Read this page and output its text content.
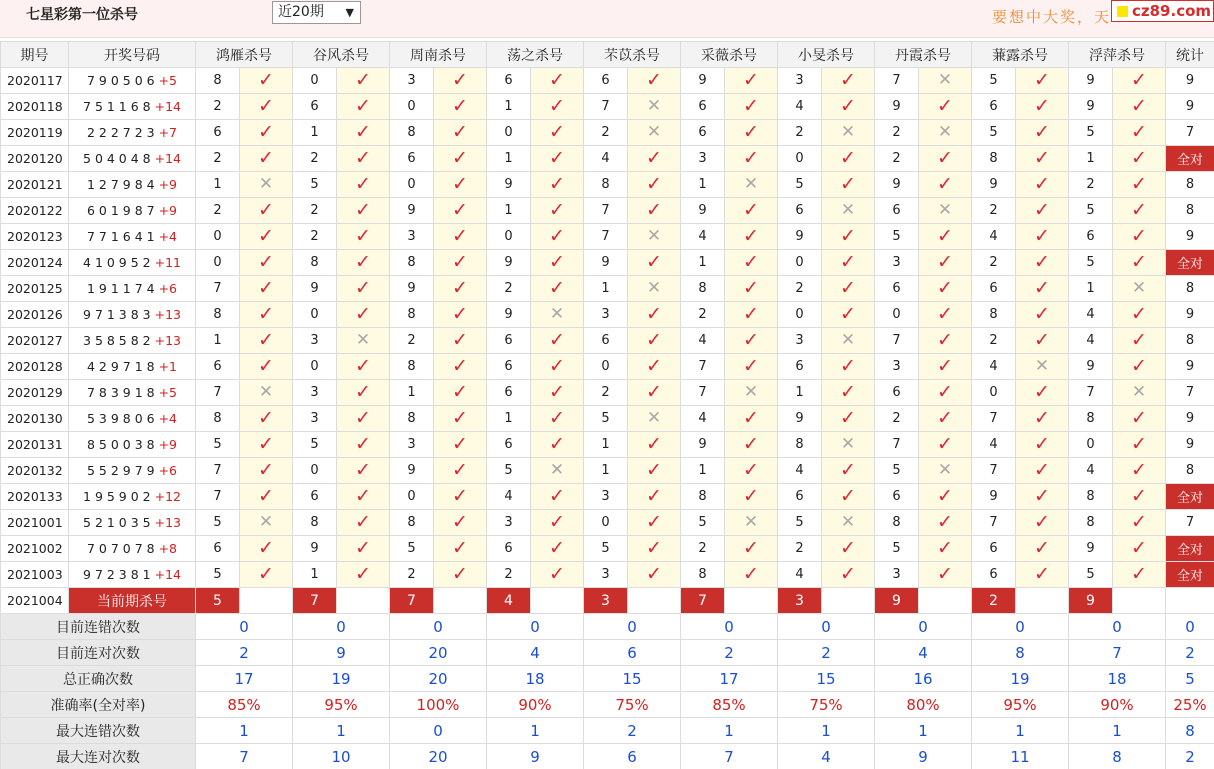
七星彩第一位杀号	近20期 ▼	要想中大奖，天	cz89.com
期号	开奖号码	鸿雁杀号		谷风杀号		周南杀号		荡之杀号		芣苡杀号		采薇杀号		小旻杀号		丹霞杀号		蒹露杀号		浮萍杀号		统计
2020117	7 9 0 5 0 6 +5	8	✓	0	✓	3	✓	6	✓	6	✓	9	✓	3	✓	7	✕	5	✓	9	✓	9
2020118	7 5 1 1 6 8 +14	2	✓	6	✓	0	✓	1	✓	7	✕	6	✓	4	✓	9	✓	6	✓	9	✓	9
2020119	2 2 2 7 2 3 +7	6	✓	1	✓	8	✓	0	✓	2	✕	6	✓	2	✕	2	✕	5	✓	5	✓	7
2020120	5 0 4 0 4 8 +14	2	✓	2	✓	6	✓	1	✓	4	✓	3	✓	0	✓	2	✓	8	✓	1	✓	全对
2020121	1 2 7 9 8 4 +9	1	✕	5	✓	0	✓	9	✓	8	✓	1	✕	5	✓	9	✓	9	✓	2	✓	8
2020122	6 0 1 9 8 7 +9	2	✓	2	✓	9	✓	1	✓	7	✓	9	✓	6	✕	6	✕	2	✓	5	✓	8
2020123	7 7 1 6 4 1 +4	0	✓	2	✓	3	✓	0	✓	7	✕	4	✓	9	✓	5	✓	4	✓	6	✓	9
2020124	4 1 0 9 5 2 +11	0	✓	8	✓	8	✓	9	✓	9	✓	1	✓	0	✓	3	✓	2	✓	5	✓	全对
2020125	1 9 1 1 7 4 +6	7	✓	9	✓	9	✓	2	✓	1	✕	8	✓	2	✓	6	✓	6	✓	1	✕	8
2020126	9 7 1 3 8 3 +13	8	✓	0	✓	8	✓	9	✕	3	✓	2	✓	0	✓	0	✓	8	✓	4	✓	9
2020127	3 5 8 5 8 2 +13	1	✓	3	✕	2	✓	6	✓	6	✓	4	✓	3	✕	7	✓	2	✓	4	✓	8
2020128	4 2 9 7 1 8 +1	6	✓	0	✓	8	✓	6	✓	0	✓	7	✓	6	✓	3	✓	4	✕	9	✓	9
2020129	7 8 3 9 1 8 +5	7	✕	3	✓	1	✓	6	✓	2	✓	7	✕	1	✓	6	✓	0	✓	7	✕	7
2020130	5 3 9 8 0 6 +4	8	✓	3	✓	8	✓	1	✓	5	✕	4	✓	9	✓	2	✓	7	✓	8	✓	9
2020131	8 5 0 0 3 8 +9	5	✓	5	✓	3	✓	6	✓	1	✓	9	✓	8	✕	7	✓	4	✓	0	✓	9
2020132	5 5 2 9 7 9 +6	7	✓	0	✓	9	✓	5	✕	1	✓	1	✓	4	✓	5	✕	7	✓	4	✓	8
2020133	1 9 5 9 0 2 +12	7	✓	6	✓	0	✓	4	✓	3	✓	8	✓	6	✓	6	✓	9	✓	8	✓	全对
2021001	5 2 1 0 3 5 +13	5	✕	8	✓	8	✓	3	✓	0	✓	5	✕	5	✕	8	✓	7	✓	8	✓	7
2021002	7 0 7 0 7 8 +8	6	✓	9	✓	5	✓	6	✓	5	✓	2	✓	2	✓	5	✓	6	✓	9	✓	全对
2021003	9 7 2 3 8 1 +14	5	✓	1	✓	2	✓	2	✓	3	✓	8	✓	4	✓	3	✓	6	✓	5	✓	全对
2021004	当前期杀号	5		7		7		4		3		7		3		9		2		9		
目前连错次数		0		0		0		0		0		0		0		0		0		0		0
目前连对次数		2		9		20		4		6		2		2		4		8		7		2
总正确次数		17		19		20		18		15		17		15		16		19		18		5
准确率(全对率)		85%		95%		100%		90%		75%		85%		75%		80%		95%		90%		25%
最大连错次数		1		1		0		1		2		1		1		1		1		1		8
最大连对次数		7		10		20		9		6		7		4		9		11		8		2
